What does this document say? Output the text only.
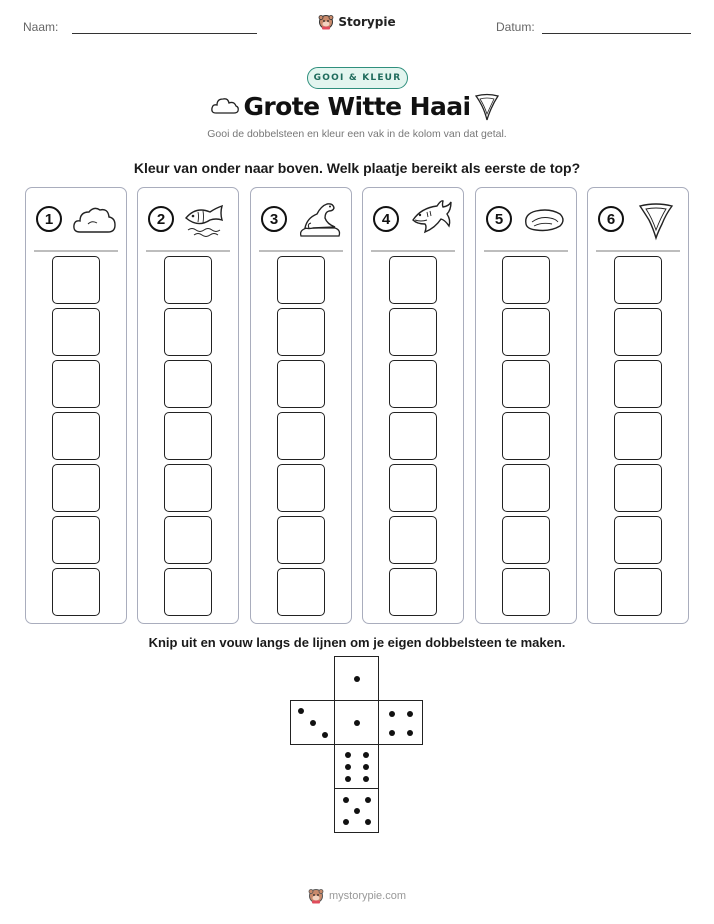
Naam:	Storypie	Datum:
GOOI & KLEUR
Grote Witte Haai
Gooi de dobbelsteen en kleur een vak in de kolom van dat getal.
Kleur van onder naar boven. Welk plaatje bereikt als eerste de top?
1	2	3	4	5	6
Knip uit en vouw langs de lijnen om je eigen dobbelsteen te maken.
mystorypie.com
